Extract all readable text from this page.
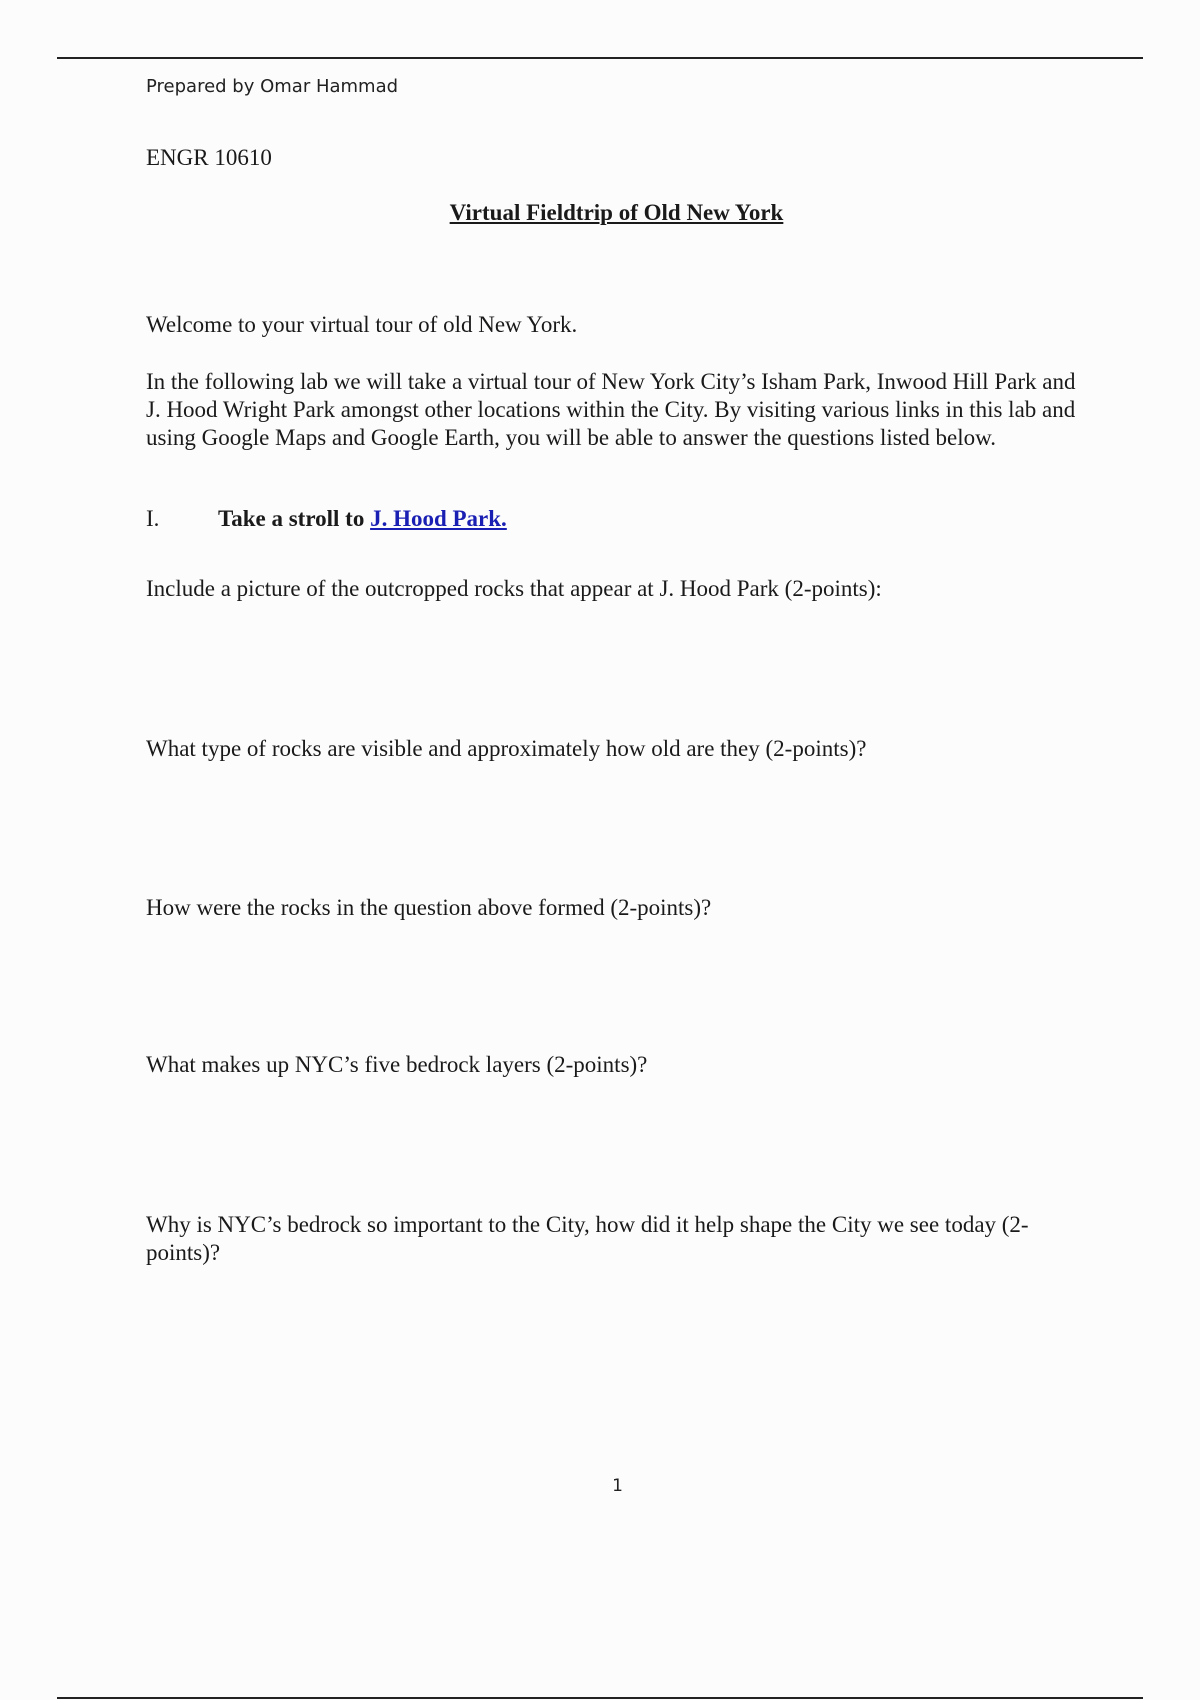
Prepared by Omar Hammad
ENGR 10610
Virtual Fieldtrip of Old New York
Welcome to your virtual tour of old New York.
In the following lab we will take a virtual tour of New York City’s Isham Park, Inwood Hill Park and J. Hood Wright Park amongst other locations within the City. By visiting various links in this lab and using Google Maps and Google Earth, you will be able to answer the questions listed below.
I.	Take a stroll to J. Hood Park.
Include a picture of the outcropped rocks that appear at J. Hood Park (2-points):
What type of rocks are visible and approximately how old are they (2-points)?
How were the rocks in the question above formed (2-points)?
What makes up NYC’s five bedrock layers (2-points)?
Why is NYC’s bedrock so important to the City, how did it help shape the City we see today (2-points)?
1
